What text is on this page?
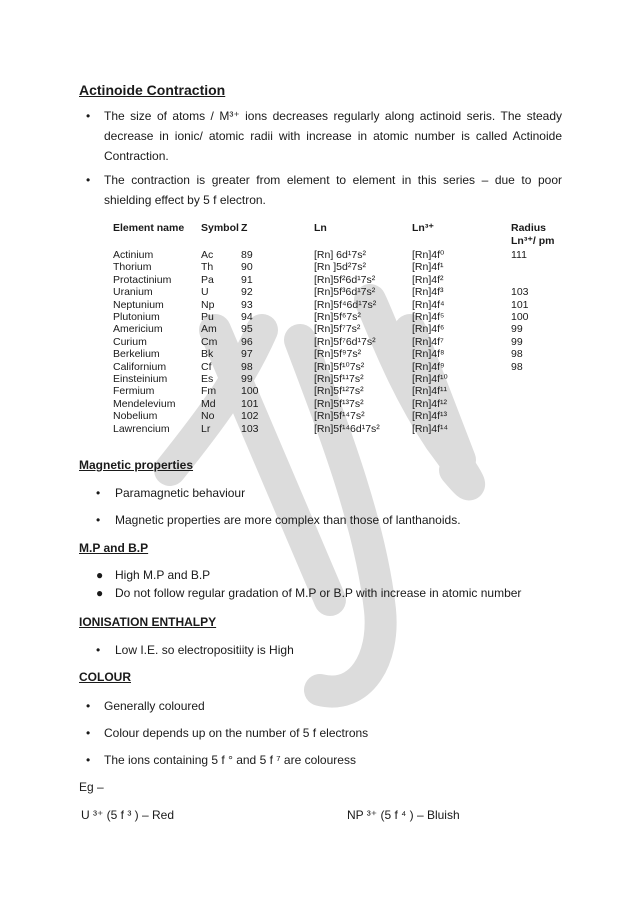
Actinoide Contraction
• The size of atoms / M³⁺ ions decreases regularly along actinoid seris. The steady decrease in ionic/ atomic radii with increase in atomic number is called Actinoide Contraction.
• The contraction is greater from element to element in this series – due to poor shielding effect by 5 f electron.
Element name Symbol Z	Ln	Ln³⁺	Radius
Ln³⁺/ pm
Actinium	Ac	89	[Rn] 6d¹7s²	[Rn]4f⁰	111
Thorium	Th	90	[Rn ]5d²7s²	[Rn]4f¹
Protactinium	Pa	91	[Rn]5f²6d¹7s²	[Rn]4f²
Uranium	U	92	[Rn]5f³6d¹7s²	[Rn]4f³	103
Neptunium	Np	93	[Rn]5f⁴6d¹7s²	[Rn]4f⁴	101
Plutonium	Pu	94	[Rn]5f⁶7s²	[Rn]4f⁵	100
Americium	Am 95	[Rn]5f⁷7s²	[Rn]4f⁶	99
Curium	Cm 96	[Rn]5f⁷6d¹7s²	[Rn]4f⁷	99
Berkelium	Bk	97	[Rn]5f⁹7s²	[Rn]4f⁸	98
Californium	Cf	98	[Rn]5f¹⁰7s²	[Rn]4f⁹	98
Einsteinium	Es	99	[Rn]5f¹¹7s²	[Rn]4f¹⁰
Fermium	Fm 100	[Rn]5f¹²7s²	[Rn]4f¹¹
Mendelevium Md 101	[Rn]5f¹³7s²	[Rn]4f¹²
Nobelium	No	102	[Rn]5f¹⁴7s²	[Rn]4f¹³
Lawrencium	Lr	103	[Rn]5f¹⁴6d¹7s²	[Rn]4f¹⁴
Magnetic properties
• Paramagnetic behaviour
• Magnetic properties are more complex than those of lanthanoids.
M.P and B.P
● High M.P and B.P
● Do not follow regular gradation of M.P or B.P with increase in atomic number
IONISATION ENTHALPY
• Low I.E. so electropositiity is High
COLOUR
• Generally coloured
• Colour depends up on the number of 5 f electrons
• The ions containing 5 f ° and 5 f ⁷ are colouress
Eg –
U ³⁺ (5 f ³ ) – Red	NP ³⁺ (5 f ⁴ ) – Bluish
